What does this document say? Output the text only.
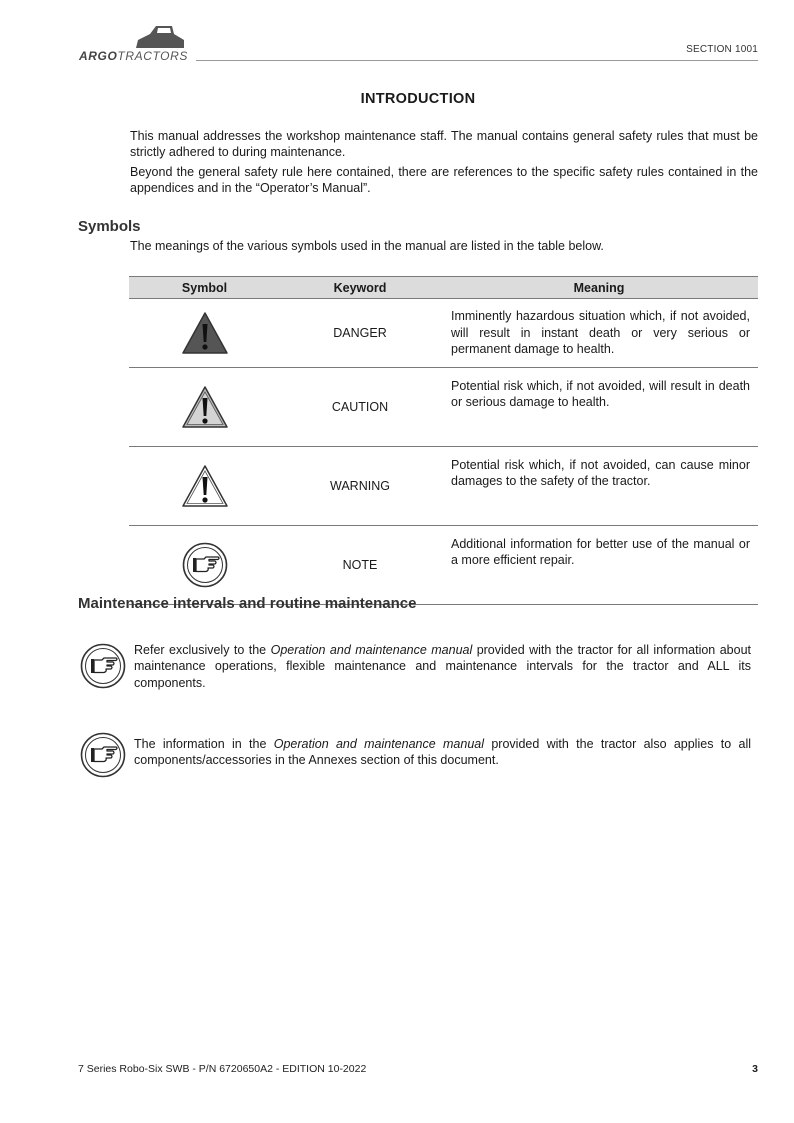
ARGOTRACTORS	SECTION 1001
INTRODUCTION
This manual addresses the workshop maintenance staff. The manual contains general safety rules that must be strictly adhered to during maintenance.
Beyond the general safety rule here contained, there are references to the specific safety rules contained in the appendices and in the “Operator’s Manual”.
Symbols
The meanings of the various symbols used in the manual are listed in the table below.
Symbol	Keyword	Meaning

	DANGER	Imminently hazardous situation which, if not avoided, will result in instant death or very serious or permanent damage to health.

	CAUTION	Potential risk which, if not avoided, will result in death or serious damage to health.

	WARNING	Potential risk which, if not avoided, can cause minor damages to the safety of the tractor.

	NOTE	Additional information for better use of the manual or a more efficient repair.
Maintenance intervals and routine maintenance
Refer exclusively to the Operation and maintenance manual provided with the tractor for all information about maintenance operations, flexible maintenance and maintenance intervals for the tractor and ALL its components.
The information in the Operation and maintenance manual provided with the tractor also applies to all components/accessories in the Annexes section of this document.
7 Series Robo-Six SWB - P/N 6720650A2 - EDITION 10-2022	3
